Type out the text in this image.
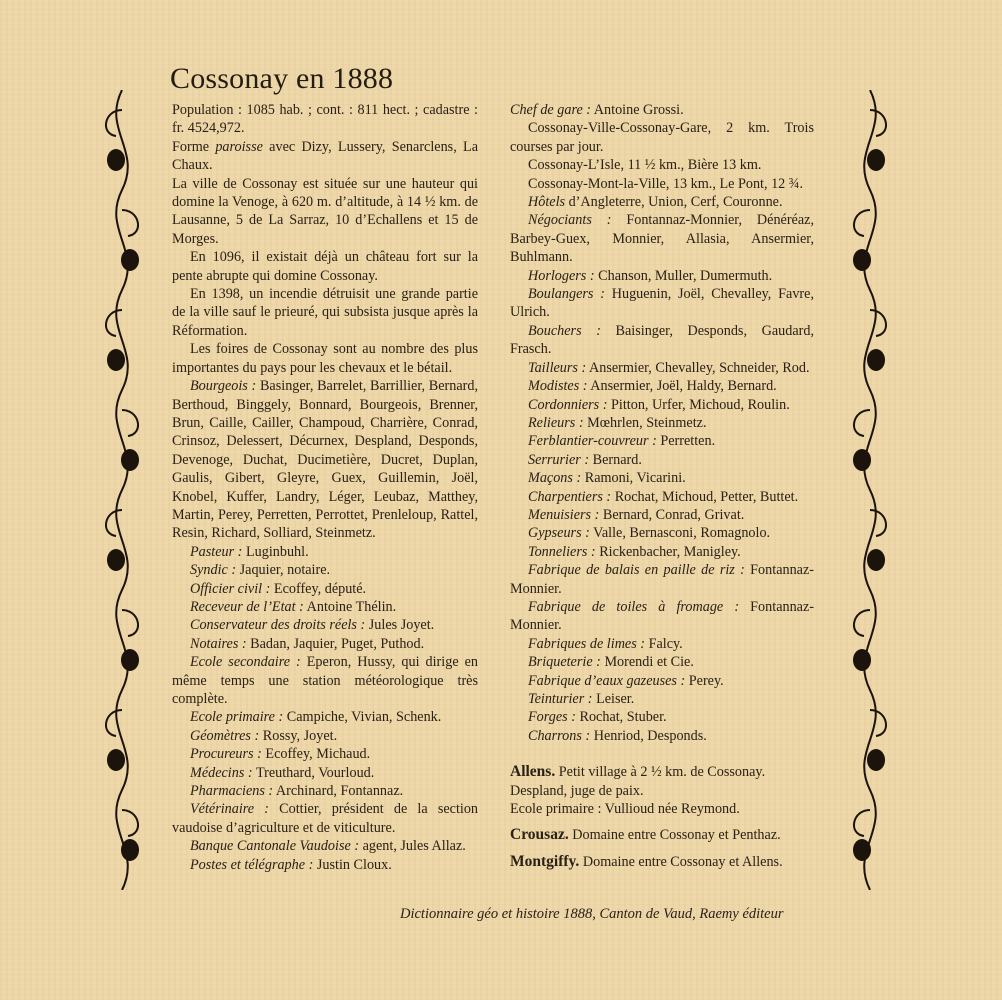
Cossonay en 1888

Population : 1085 hab. ; cont. : 811 hect. ; cadastre : fr. 4524,972.

Forme paroisse avec Dizy, Lussery, Senarclens, La Chaux.

La ville de Cossonay est située sur une hauteur qui domine la Venoge, à 620 m. d’altitude, à 14 ½ km. de Lausanne, 5 de La Sarraz, 10 d’Echallens et 15 de Morges.

En 1096, il existait déjà un château fort sur la pente abrupte qui domine Cossonay.

En 1398, un incendie détruisit une grande partie de la ville sauf le prieuré, qui subsista jusque après la Réformation.

Les foires de Cossonay sont au nombre des plus importantes du pays pour les chevaux et le bétail.

Bourgeois : Basinger, Barrelet, Barrillier, Bernard, Berthoud, Binggely, Bonnard, Bourgeois, Brenner, Brun, Caille, Cailler, Champoud, Charrière, Conrad, Crinsoz, Delessert, Décurnex, Despland, Desponds, Devenoge, Duchat, Ducimetière, Ducret, Duplan, Gaulis, Gibert, Gleyre, Guex, Guillemin, Joël, Knobel, Kuffer, Landry, Léger, Leubaz, Matthey, Martin, Perey, Perretten, Perrottet, Prenleloup, Rattel, Resin, Richard, Solliard, Steinmetz.

Pasteur : Luginbuhl.

Syndic : Jaquier, notaire.

Officier civil : Ecoffey, député.

Receveur de l’Etat : Antoine Thélin.

Conservateur des droits réels : Jules Joyet.

Notaires : Badan, Jaquier, Puget, Puthod.

Ecole secondaire : Eperon, Hussy, qui dirige en même temps une station météorologique très complète.

Ecole primaire : Campiche, Vivian, Schenk.

Géomètres : Rossy, Joyet.

Procureurs : Ecoffey, Michaud.

Médecins : Treuthard, Vourloud.

Pharmaciens : Archinard, Fontannaz.

Vétérinaire : Cottier, président de la section vaudoise d’agriculture et de viticulture.

Banque Cantonale Vaudoise : agent, Jules Allaz.

Postes et télégraphe : Justin Cloux.

Chef de gare : Antoine Grossi.

Cossonay-Ville-Cossonay-Gare, 2 km. Trois courses par jour.

Cossonay-L’Isle, 11 ½ km., Bière 13 km.

Cossonay-Mont-la-Ville, 13 km., Le Pont, 12 ¾.

Hôtels d’Angleterre, Union, Cerf, Couronne.

Négociants : Fontannaz-Monnier, Dénéréaz, Barbey-Guex, Monnier, Allasia, Ansermier, Buhlmann.

Horlogers : Chanson, Muller, Dumermuth.

Boulangers : Huguenin, Joël, Chevalley, Favre, Ulrich.

Bouchers : Baisinger, Desponds, Gaudard, Frasch.

Tailleurs : Ansermier, Chevalley, Schneider, Rod.

Modistes : Ansermier, Joël, Haldy, Bernard.

Cordonniers : Pitton, Urfer, Michoud, Roulin.

Relieurs : Mœhrlen, Steinmetz.

Ferblantier-couvreur : Perretten.

Serrurier : Bernard.

Maçons : Ramoni, Vicarini.

Charpentiers : Rochat, Michoud, Petter, Buttet.

Menuisiers : Bernard, Conrad, Grivat.

Gypseurs : Valle, Bernasconi, Romagnolo.

Tonneliers : Rickenbacher, Manigley.

Fabrique de balais en paille de riz : Fontannaz-Monnier.

Fabrique de toiles à fromage : Fontannaz-Monnier.

Fabriques de limes : Falcy.

Briqueterie : Morendi et Cie.

Fabrique d’eaux gazeuses : Perey.

Teinturier : Leiser.

Forges : Rochat, Stuber.

Charrons : Henriod, Desponds.

Allens. Petit village à 2 ½ km. de Cossonay.

Despland, juge de paix.

Ecole primaire : Vullioud née Reymond.

Crousaz. Domaine entre Cossonay et Penthaz.

Montgiffy. Domaine entre Cossonay et Allens.

Dictionnaire géo et histoire 1888, Canton de Vaud, Raemy éditeur
